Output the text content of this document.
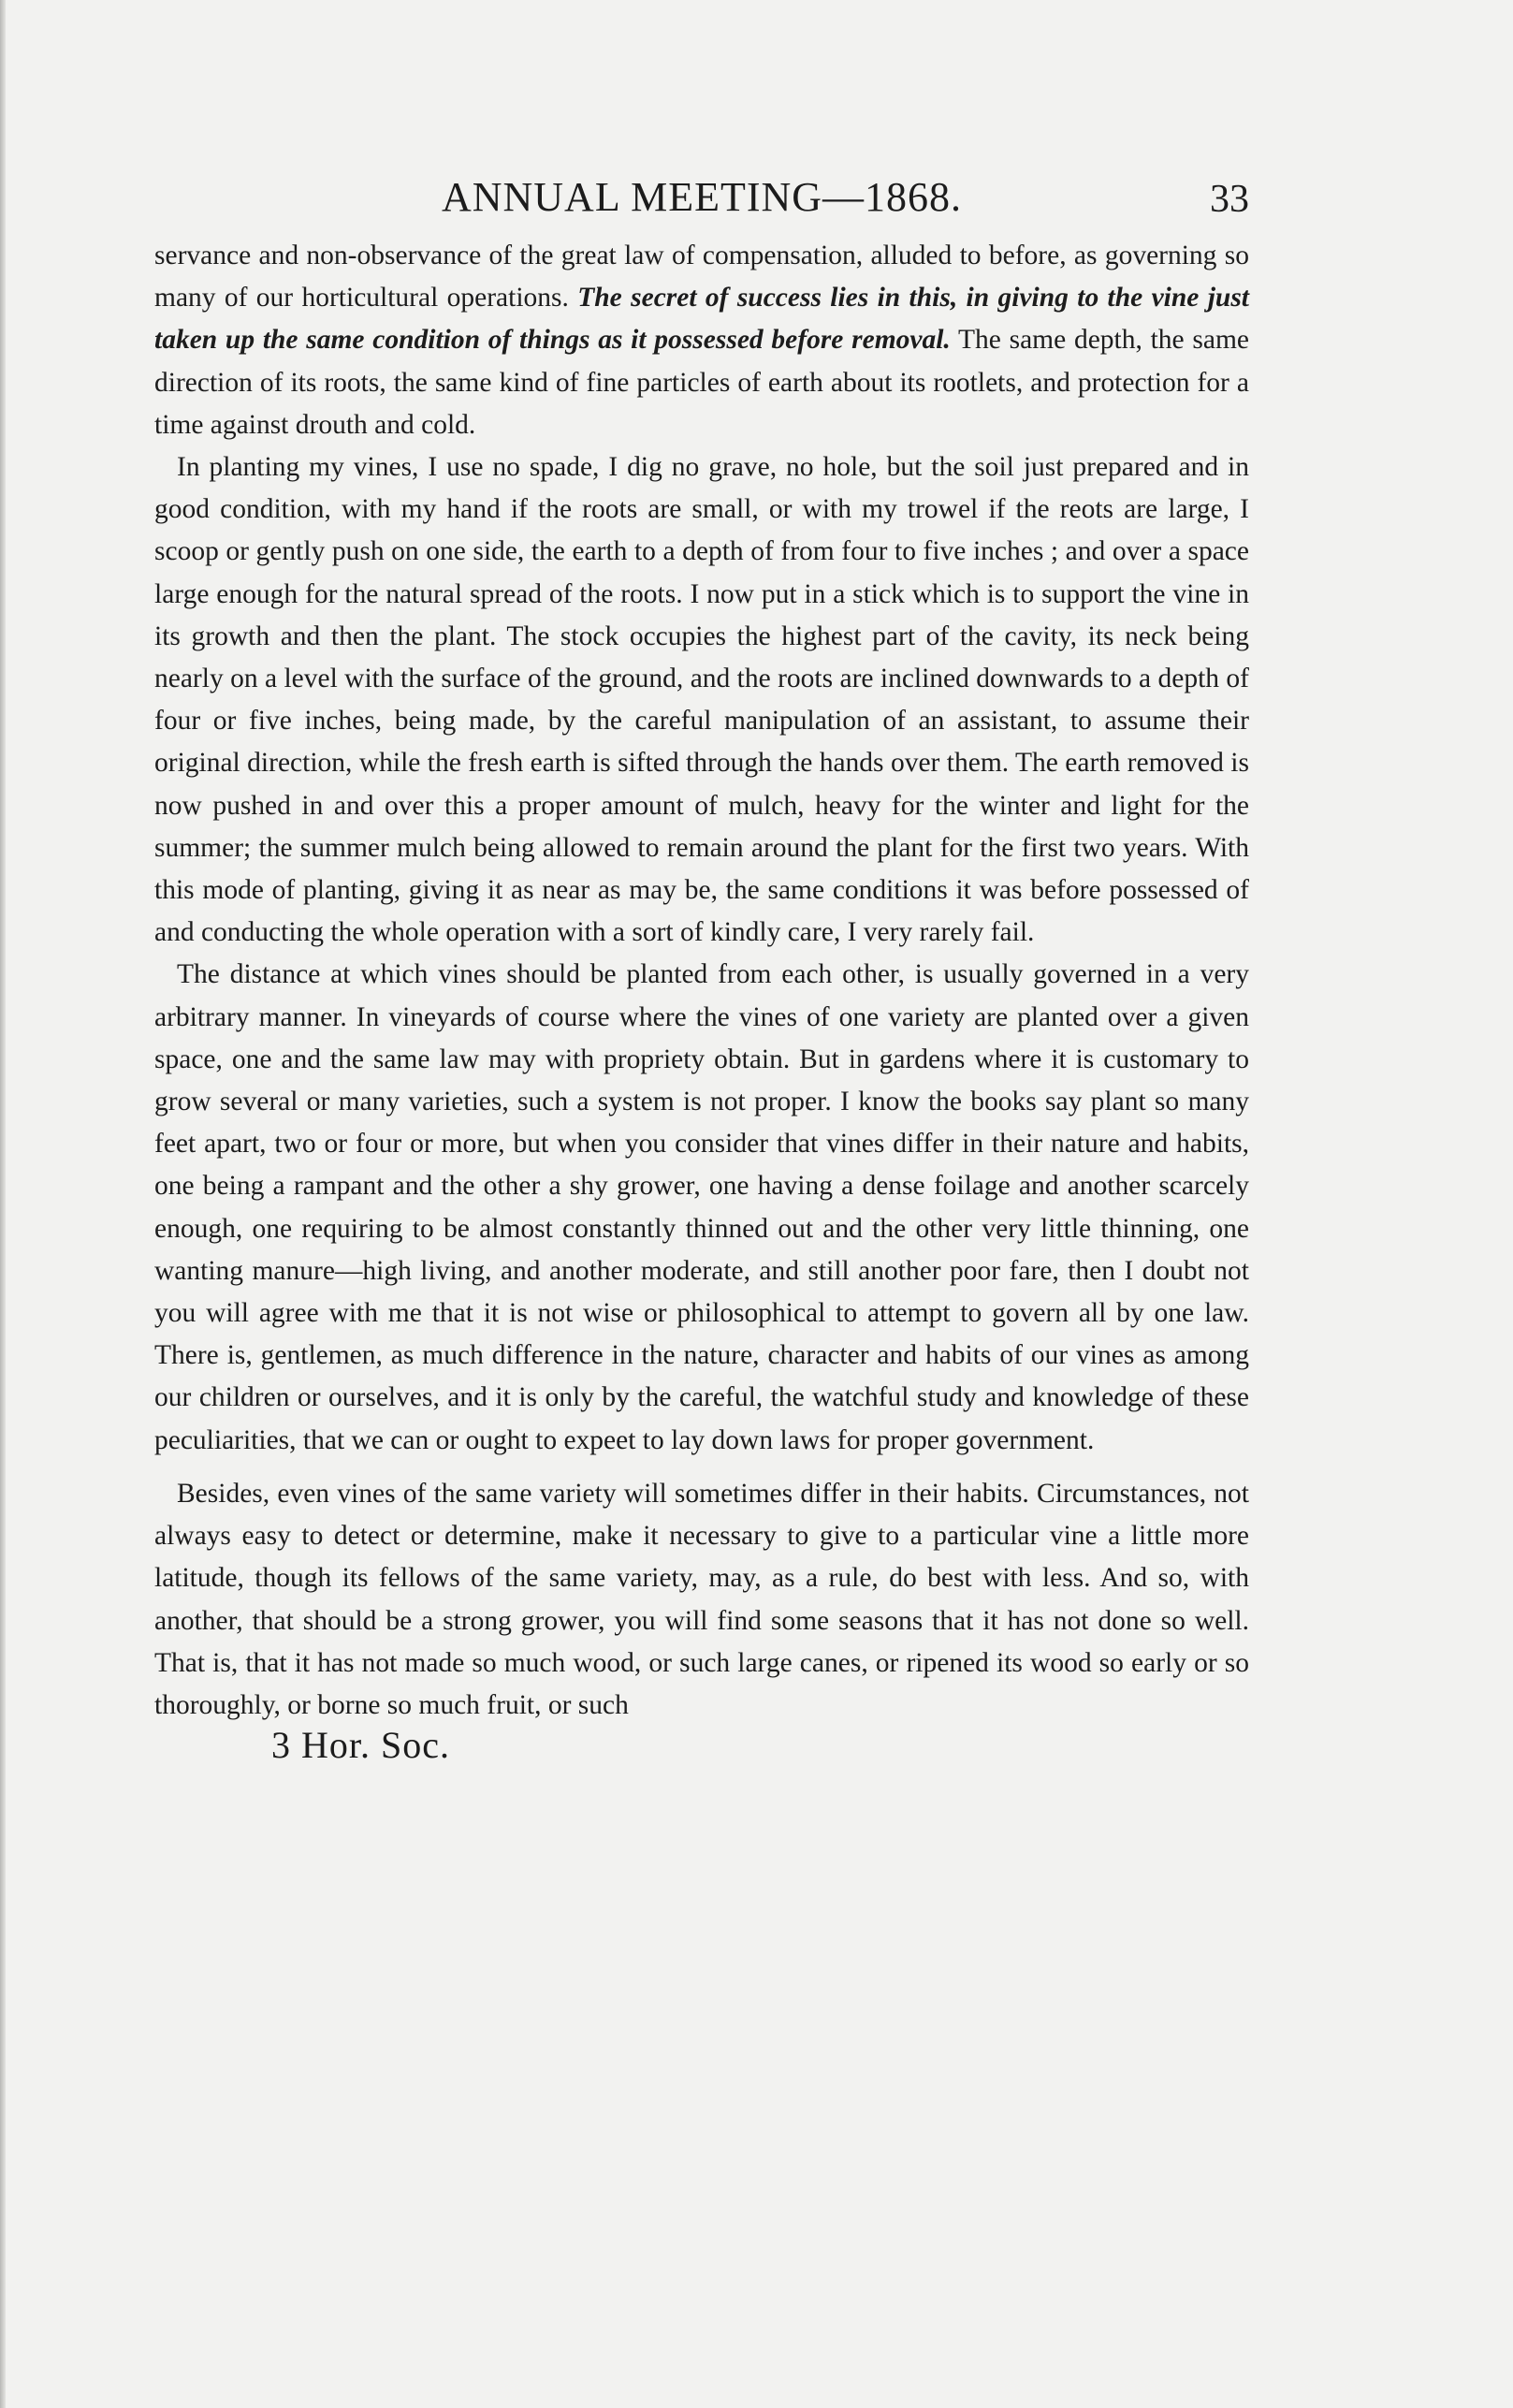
ANNUAL MEETING—1868.	33

servance and non-observance of the great law of compensation, alluded to before, as governing so many of our horticultural operations. The secret of success lies in this, in giving to the vine just taken up the same condition of things as it possessed before removal. The same depth, the same direction of its roots, the same kind of fine particles of earth about its rootlets, and protection for a time against drouth and cold.

In planting my vines, I use no spade, I dig no grave, no hole, but the soil just prepared and in good condition, with my hand if the roots are small, or with my trowel if the reots are large, I scoop or gently push on one side, the earth to a depth of from four to five inches ; and over a space large enough for the natural spread of the roots. I now put in a stick which is to support the vine in its growth and then the plant. The stock occupies the highest part of the cavity, its neck being nearly on a level with the surface of the ground, and the roots are inclined downwards to a depth of four or five inches, being made, by the careful manipulation of an assistant, to assume their original direction, while the fresh earth is sifted through the hands over them. The earth removed is now pushed in and over this a proper amount of mulch, heavy for the winter and light for the summer; the summer mulch being allowed to remain around the plant for the first two years. With this mode of planting, giving it as near as may be, the same conditions it was before possessed of and conducting the whole operation with a sort of kindly care, I very rarely fail.

The distance at which vines should be planted from each other, is usually governed in a very arbitrary manner. In vineyards of course where the vines of one variety are planted over a given space, one and the same law may with propriety obtain. But in gardens where it is customary to grow several or many varieties, such a system is not proper. I know the books say plant so many feet apart, two or four or more, but when you consider that vines differ in their nature and habits, one being a rampant and the other a shy grower, one having a dense foilage and another scarcely enough, one requiring to be almost constantly thinned out and the other very little thinning, one wanting manure—high living, and another moderate, and still another poor fare, then I doubt not you will agree with me that it is not wise or philosophical to attempt to govern all by one law. There is, gentlemen, as much difference in the nature, character and habits of our vines as among our children or ourselves, and it is only by the careful, the watchful study and knowledge of these peculiarities, that we can or ought to expeet to lay down laws for proper government.

Besides, even vines of the same variety will sometimes differ in their habits. Circumstances, not always easy to detect or determine, make it necessary to give to a particular vine a little more latitude, though its fellows of the same variety, may, as a rule, do best with less. And so, with another, that should be a strong grower, you will find some seasons that it has not done so well. That is, that it has not made so much wood, or such large canes, or ripened its wood so early or so thoroughly, or borne so much fruit, or such

3 Hor. Soc.
